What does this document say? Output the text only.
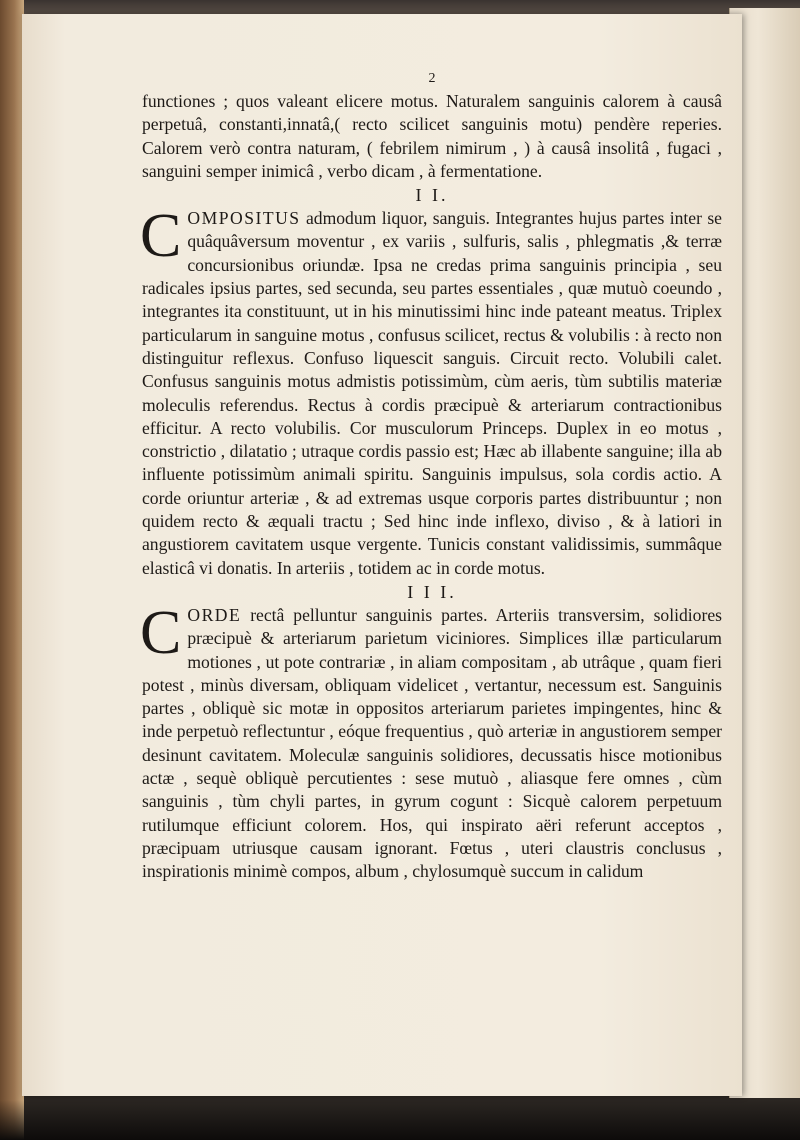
2

functiones ; quos valeant elicere motus. Naturalem sanguinis calorem à causâ perpetuâ, constanti,innatâ,( recto scilicet sanguinis motu) pendère reperies. Calorem verò contra naturam, ( febrilem nimirum , ) à causâ insolitâ , fugaci , sanguini semper inimicâ , verbo dicam , à fermentatione.

I I.

COMPOSITUS admodum liquor, sanguis. Integrantes hujus partes inter se quâquâversum moventur , ex variis , sulfuris, salis , phlegmatis ,& terræ concursionibus oriundæ. Ipsa ne credas prima sanguinis principia , seu radicales ipsius partes, sed secunda, seu partes essentiales , quæ mutuò coeundo , integrantes ita constituunt, ut in his minutissimi hinc inde pateant meatus. Triplex particularum in sanguine motus , confusus scilicet, rectus & volubilis : à recto non distinguitur reflexus. Confuso liquescit sanguis. Circuit recto. Volubili calet. Confusus sanguinis motus admistis potissimùm, cùm aeris, tùm subtilis materiæ moleculis referendus. Rectus à cordis præcipuè & arteriarum contractionibus efficitur. A recto volubilis. Cor musculorum Princeps. Duplex in eo motus , constrictio , dilatatio ; utraque cordis passio est; Hæc ab illabente sanguine; illa ab influente potissimùm animali spiritu. Sanguinis impulsus, sola cordis actio. A corde oriuntur arteriæ , & ad extremas usque corporis partes distribuuntur ; non quidem recto & æquali tractu ; Sed hinc inde inflexo, diviso , & à latiori in angustiorem cavitatem usque vergente. Tunicis constant validissimis, summâque elasticâ vi donatis. In arteriis , totidem ac in corde motus.

I I I.

CORDE rectâ pelluntur sanguinis partes. Arteriis transversim, solidiores præcipuè & arteriarum parietum viciniores. Simplices illæ particularum motiones , ut pote contrariæ , in aliam compositam , ab utrâque , quam fieri potest , minùs diversam, obliquam videlicet , vertantur, necessum est. Sanguinis partes , obliquè sic motæ in oppositos arteriarum parietes impingentes, hinc & inde perpetuò reflectuntur , eóque frequentius , quò arteriæ in angustiorem semper desinunt cavitatem. Moleculæ sanguinis solidiores, decussatis hisce motionibus actæ , sequè obliquè percutientes : sese mutuò , aliasque fere omnes , cùm sanguinis , tùm chyli partes, in gyrum cogunt : Sicquè calorem perpetuum rutilumque efficiunt colorem. Hos, qui inspirato aëri referunt acceptos , præcipuam utriusque causam ignorant. Fœtus , uteri claustris conclusus , inspirationis minimè compos, album , chylosumquè succum in calidum
